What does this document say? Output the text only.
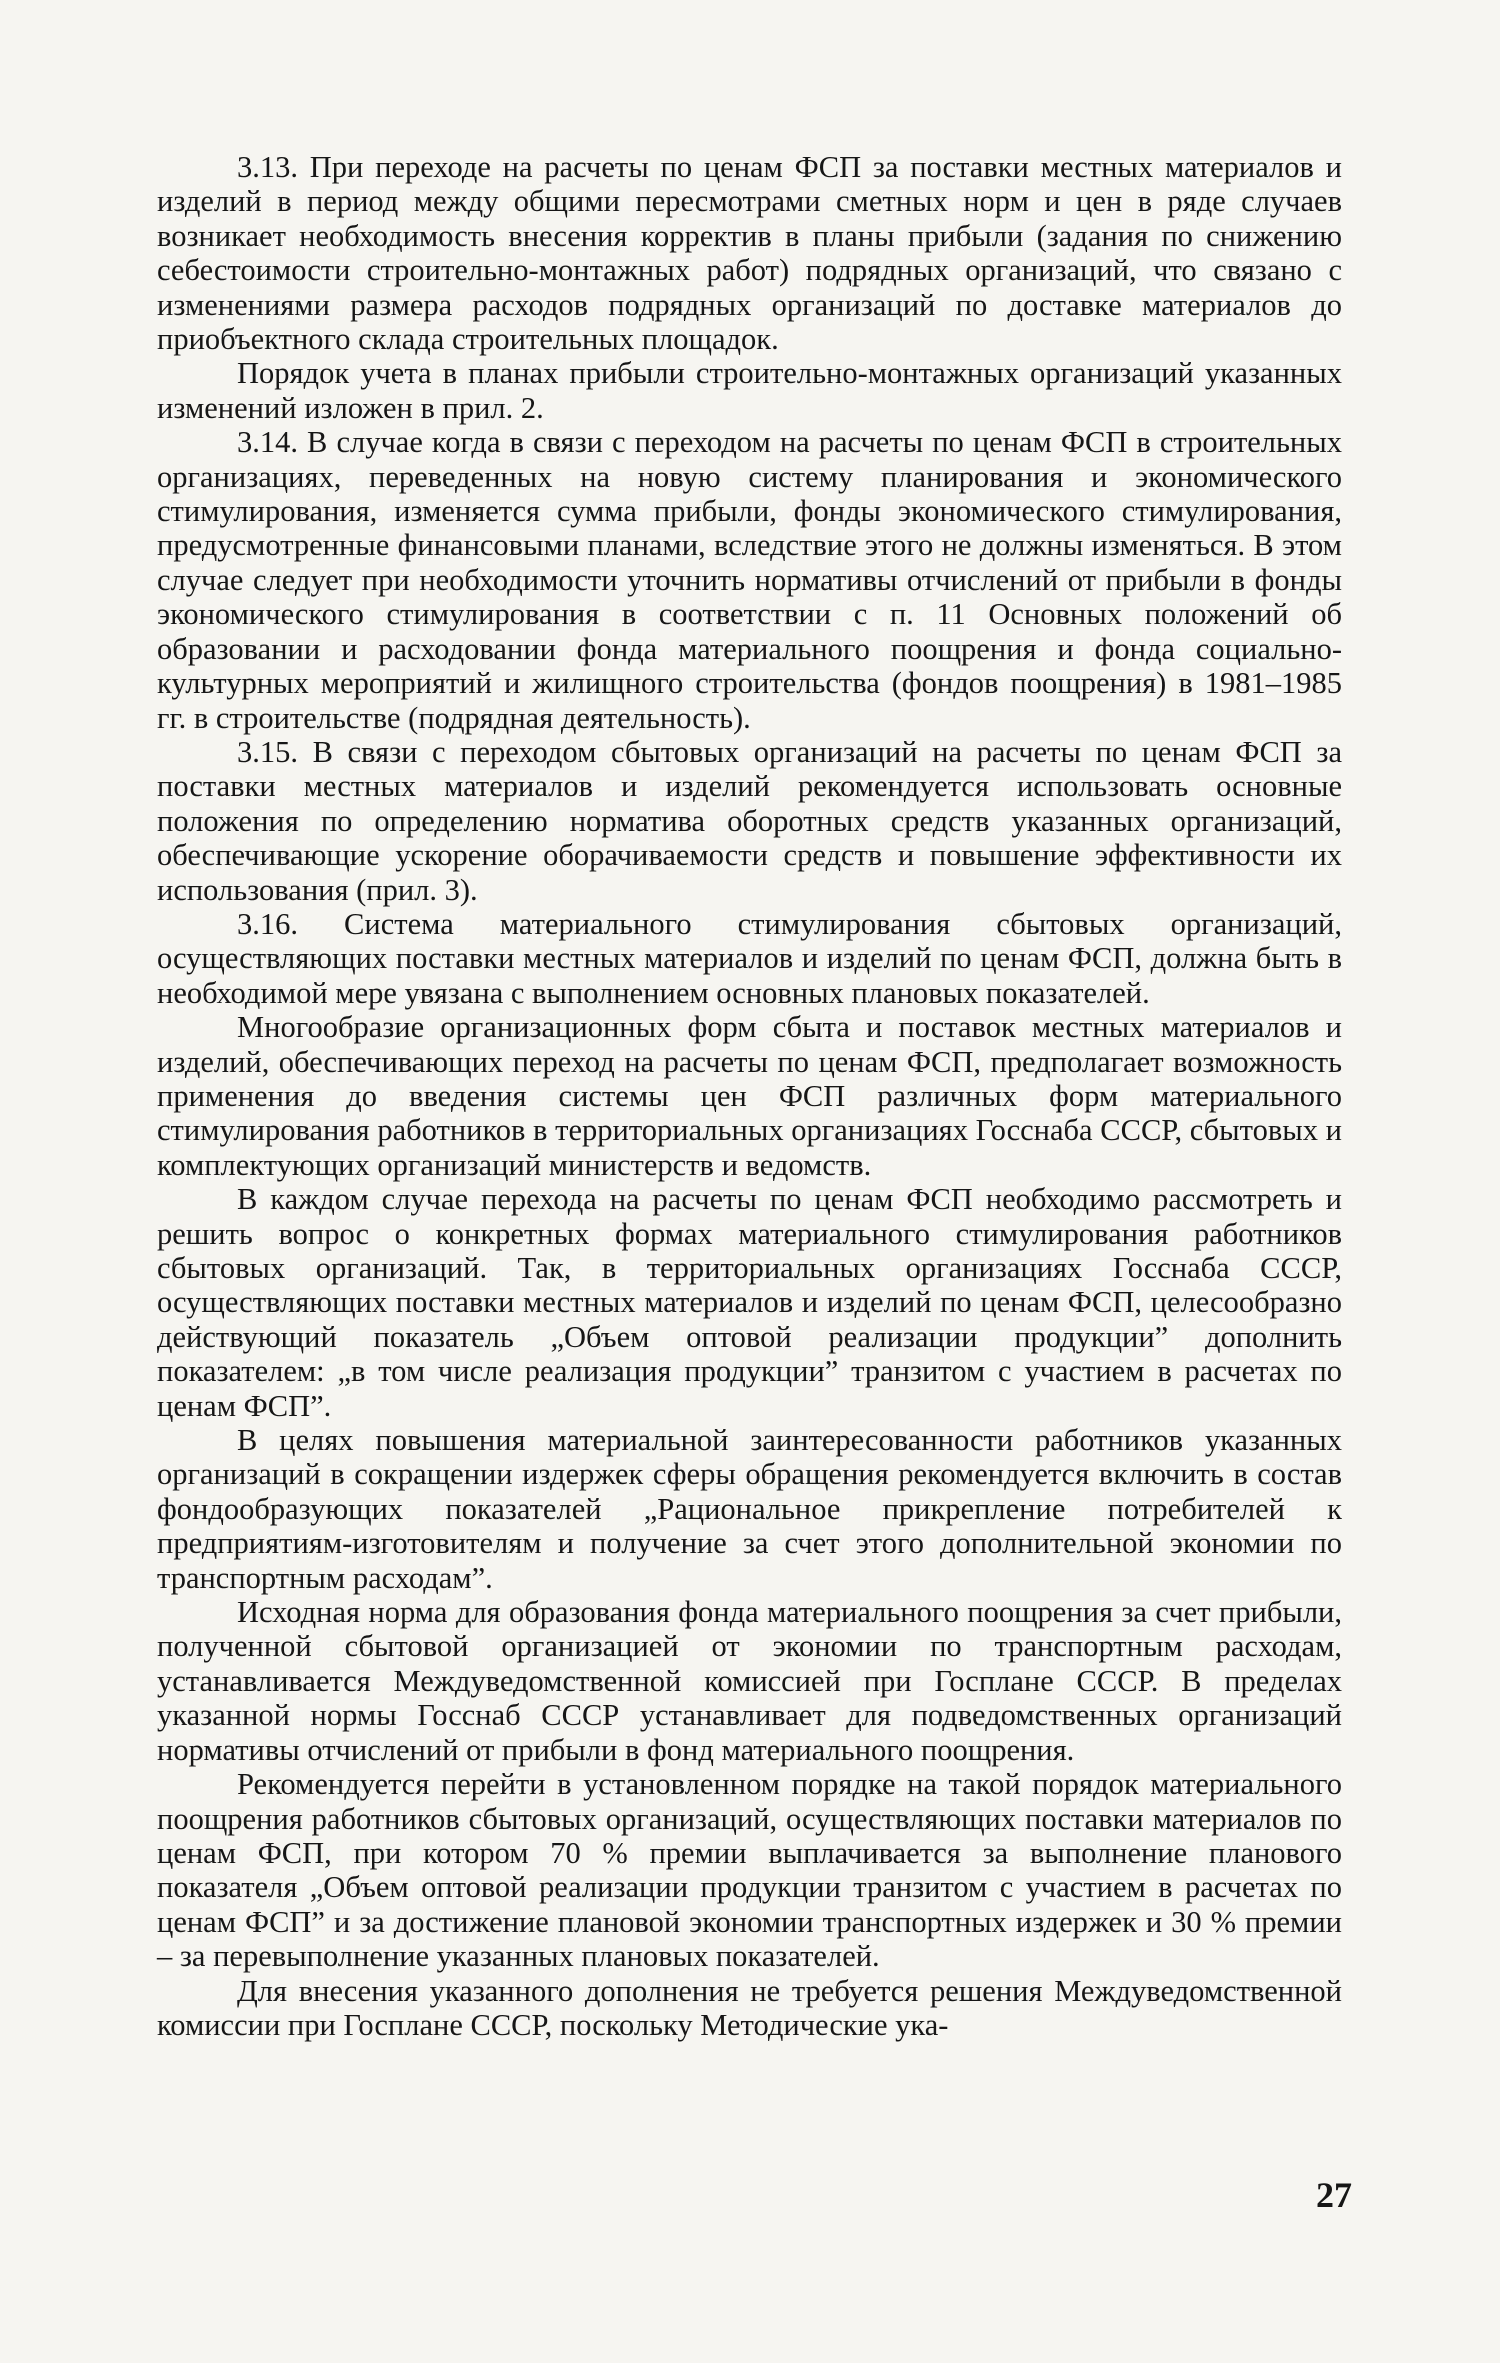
3.13. При переходе на расчеты по ценам ФСП за поставки местных материалов и изделий в период между общими пересмотрами сметных норм и цен в ряде случаев возникает необходимость внесения корректив в планы прибыли (задания по снижению себестоимости строительно-монтажных работ) подрядных организаций, что связано с изменениями размера расходов подрядных организаций по доставке материалов до приобъектного склада строительных площадок.

Порядок учета в планах прибыли строительно-монтажных организаций указанных изменений изложен в прил. 2.

3.14. В случае когда в связи с переходом на расчеты по ценам ФСП в строительных организациях, переведенных на новую систему планирования и экономического стимулирования, изменяется сумма прибыли, фонды экономического стимулирования, предусмотренные финансовыми планами, вследствие этого не должны изменяться. В этом случае следует при необходимости уточнить нормативы отчислений от прибыли в фонды экономического стимулирования в соответствии с п. 11 Основных положений об образовании и расходовании фонда материального поощрения и фонда социально-культурных мероприятий и жилищного строительства (фондов поощрения) в 1981–1985 гг. в строительстве (подрядная деятельность).

3.15. В связи с переходом сбытовых организаций на расчеты по ценам ФСП за поставки местных материалов и изделий рекомендуется использовать основные положения по определению норматива оборотных средств указанных организаций, обеспечивающие ускорение оборачиваемости средств и повышение эффективности их использования (прил. 3).

3.16. Система материального стимулирования сбытовых организаций, осуществляющих поставки местных материалов и изделий по ценам ФСП, должна быть в необходимой мере увязана с выполнением основных плановых показателей.

Многообразие организационных форм сбыта и поставок местных материалов и изделий, обеспечивающих переход на расчеты по ценам ФСП, предполагает возможность применения до введения системы цен ФСП различных форм материального стимулирования работников в территориальных организациях Госснаба СССР, сбытовых и комплектующих организаций министерств и ведомств.

В каждом случае перехода на расчеты по ценам ФСП необходимо рассмотреть и решить вопрос о конкретных формах материального стимулирования работников сбытовых организаций. Так, в территориальных организациях Госснаба СССР, осуществляющих поставки местных материалов и изделий по ценам ФСП, целесообразно действующий показатель „Объем оптовой реализации продукции” дополнить показателем: „в том числе реализация продукции” транзитом с участием в расчетах по ценам ФСП”.

В целях повышения материальной заинтересованности работников указанных организаций в сокращении издержек сферы обращения рекомендуется включить в состав фондообразующих показателей „Рациональное прикрепление потребителей к предприятиям-изготовителям и получение за счет этого дополнительной экономии по транспортным расходам”.

Исходная норма для образования фонда материального поощрения за счет прибыли, полученной сбытовой организацией от экономии по транспортным расходам, устанавливается Междуведомственной комиссией при Госплане СССР. В пределах указанной нормы Госснаб СССР устанавливает для подведомственных организаций нормативы отчислений от прибыли в фонд материального поощрения.

Рекомендуется перейти в установленном порядке на такой порядок материального поощрения работников сбытовых организаций, осуществляющих поставки материалов по ценам ФСП, при котором 70 % премии выплачивается за выполнение планового показателя „Объем оптовой реализации продукции транзитом с участием в расчетах по ценам ФСП” и за достижение плановой экономии транспортных издержек и 30 % премии – за перевыполнение указанных плановых показателей.

Для внесения указанного дополнения не требуется решения Междуведомственной комиссии при Госплане СССР, поскольку Методические ука-

27
